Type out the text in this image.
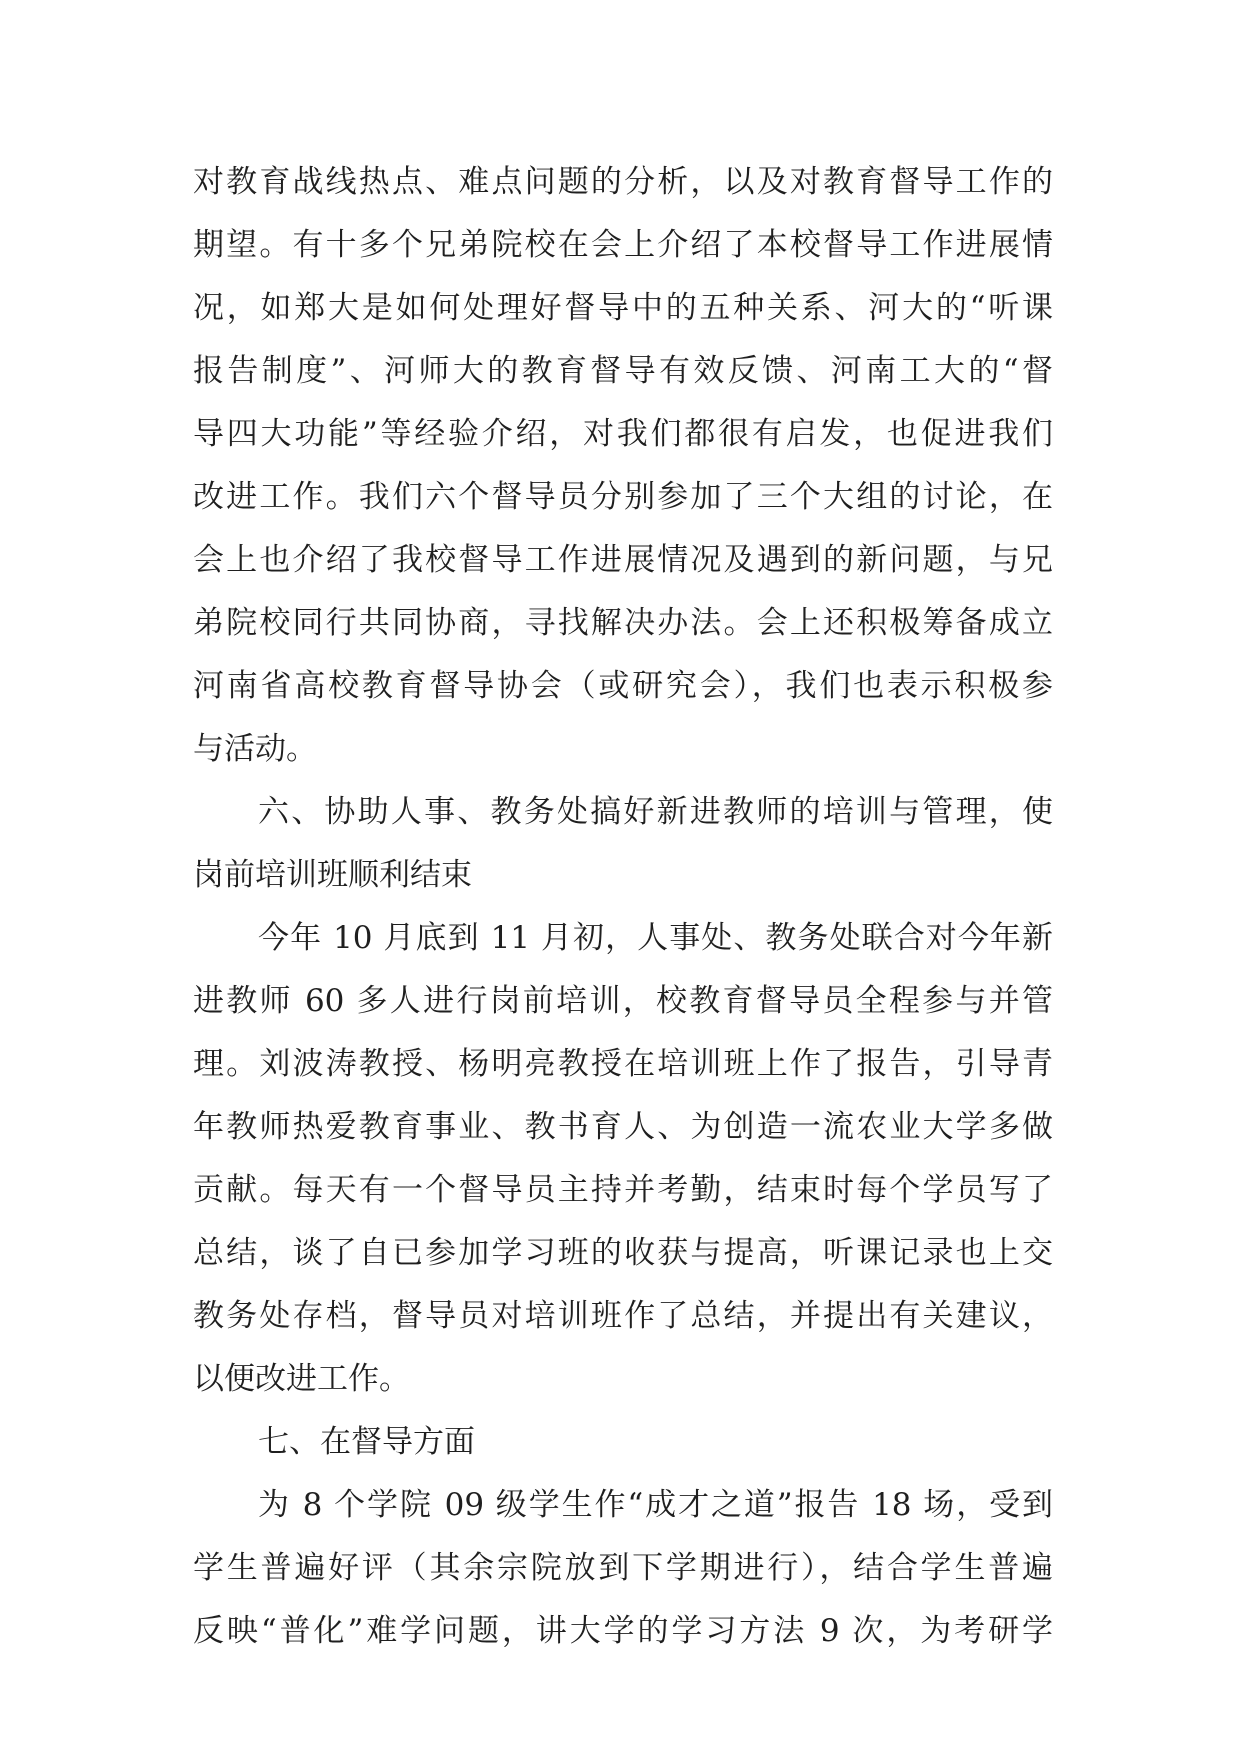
对教育战线热点、难点问题的分析，以及对教育督导工作的
期望。有十多个兄弟院校在会上介绍了本校督导工作进展情
况，如郑大是如何处理好督导中的五种关系、河大的“听课
报告制度”、河师大的教育督导有效反馈、河南工大的“督
导四大功能”等经验介绍，对我们都很有启发，也促进我们
改进工作。我们六个督导员分别参加了三个大组的讨论，在
会上也介绍了我校督导工作进展情况及遇到的新问题，与兄
弟院校同行共同协商，寻找解决办法。会上还积极筹备成立
河南省高校教育督导协会（或研究会），我们也表示积极参
与活动。
六、协助人事、教务处搞好新进教师的培训与管理，使
岗前培训班顺利结束
今年 10 月底到 11 月初，人事处、教务处联合对今年新
进教师 60 多人进行岗前培训，校教育督导员全程参与并管
理。刘波涛教授、杨明亮教授在培训班上作了报告，引导青
年教师热爱教育事业、教书育人、为创造一流农业大学多做
贡献。每天有一个督导员主持并考勤，结束时每个学员写了
总结，谈了自已参加学习班的收获与提高，听课记录也上交
教务处存档，督导员对培训班作了总结，并提出有关建议，
以便改进工作。
七、在督导方面
为 8 个学院 09 级学生作“成才之道”报告 18 场，受到
学生普遍好评（其余宗院放到下学期进行），结合学生普遍
反映“普化”难学问题，讲大学的学习方法 9 次，为考研学
